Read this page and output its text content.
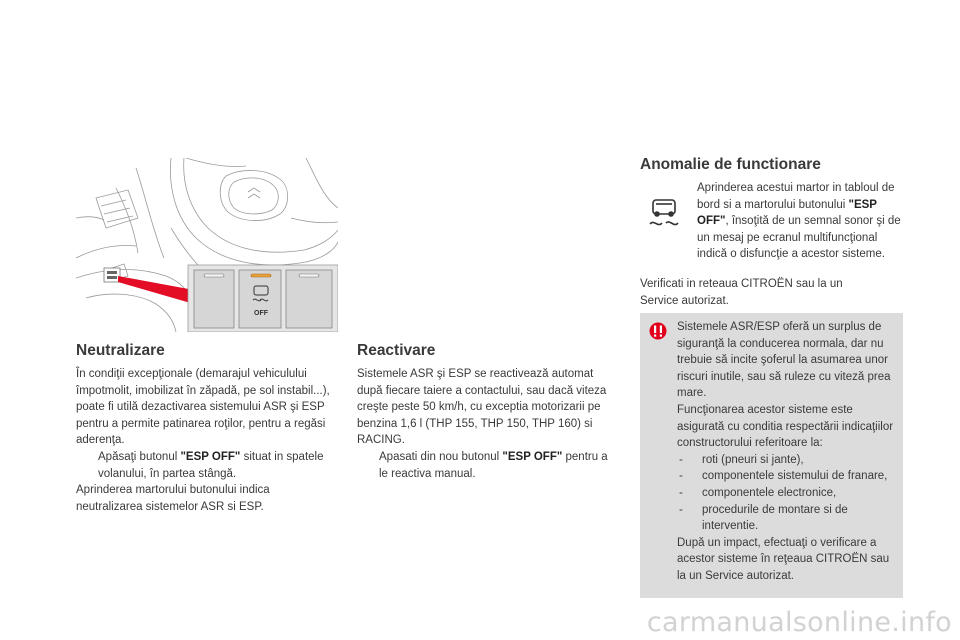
OFF
Neutralizare

În condiţii excepţionale (demarajul vehiculului împotmolit, imobilizat în zăpadă, pe sol instabil...), poate fi utilă dezactivarea sistemului ASR şi ESP pentru a permite patinarea roţilor, pentru a regăsi aderenţa.

Apăsaţi butonul "ESP OFF" situat in spatele volanului, în partea stângă.

Aprinderea martorului butonului indica neutralizarea sistemelor ASR si ESP.

Reactivare

Sistemele ASR şi ESP se reactivează automat după fiecare taiere a contactului, sau dacă viteza creşte peste 50 km/h, cu exceptia motorizarii pe benzina 1,6 l (THP 155, THP 150, THP 160) si RACING.

Apasati din nou butonul "ESP OFF" pentru a le reactiva manual.

Anomalie de functionare

Aprinderea acestui martor in tabloul de bord si a martorului butonului "ESP OFF", însoţită de un semnal sonor şi de un mesaj pe ecranul multifuncţional indică o disfuncţie a acestor sisteme.

Verificati in reteaua CITROËN sau la un Service autorizat.

Sistemele ASR/ESP oferă un surplus de siguranţă la conducerea normala, dar nu trebuie să incite şoferul la asumarea unor riscuri inutile, sau să ruleze cu viteză prea mare.

Funcţionarea acestor sisteme este asigurată cu conditia respectării indicaţiilor constructorului referitoare la:

- roti (pneuri si jante),

- componentele sistemului de franare,

- componentele electronice,

- procedurile de montare si de interventie.

După un impact, efectuaţi o verificare a acestor sisteme în reţeaua CITROËN sau la un Service autorizat.

carmanualsonline.info
